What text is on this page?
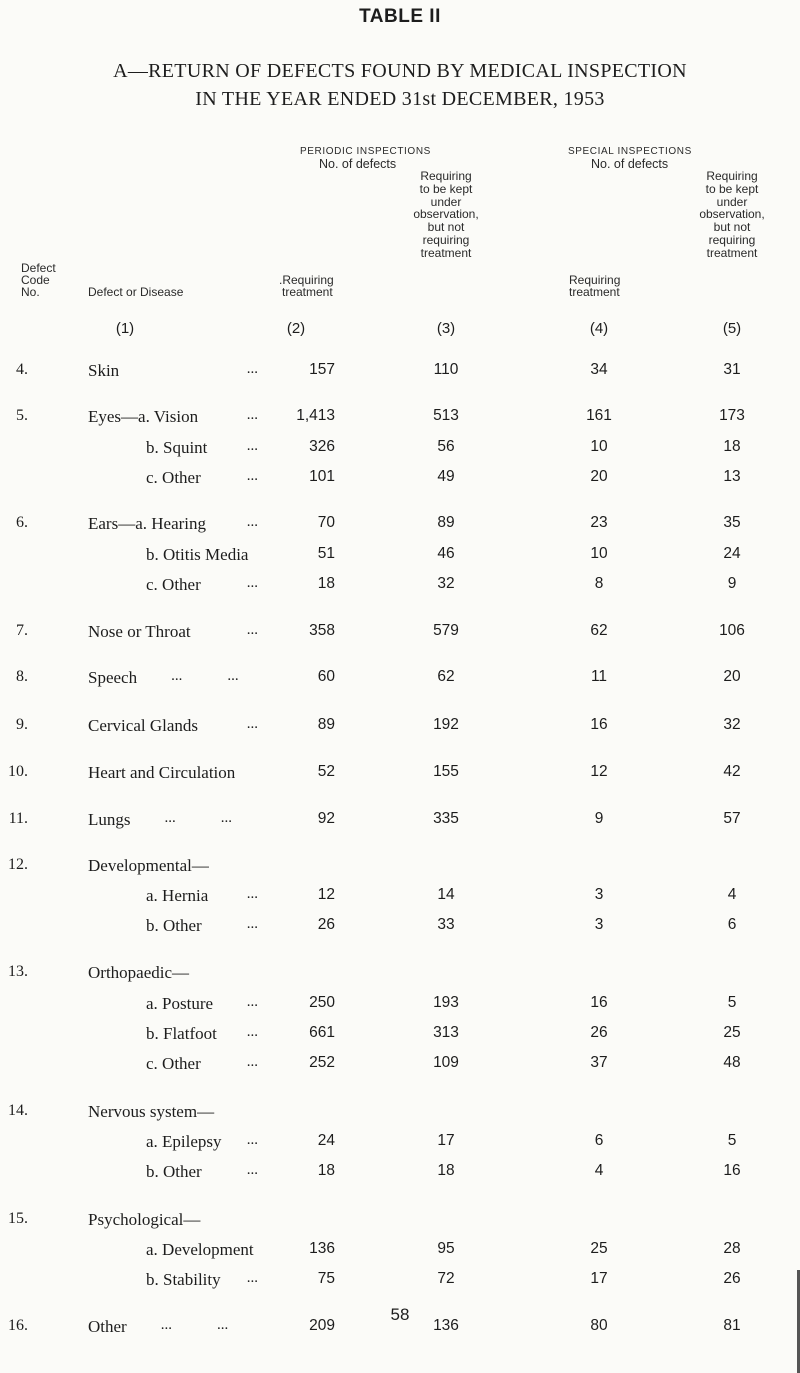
TABLE II
A—RETURN OF DEFECTS FOUND BY MEDICAL INSPECTION
IN THE YEAR ENDED 31st DECEMBER, 1953
PERIODIC INSPECTIONS
No. of defects
SPECIAL INSPECTIONS
No. of defects
Defect
Code
No.	Defect or Disease
.Requiring
treatment
Requiring
to be kept
under
observation,
but not
requiring
treatment
Requiring
treatment
Requiring
to be kept
under
observation,
but not
requiring
treatment
(1)	(2)	(3)	(4)	(5)
4.	Skin	...	157	110	34	31
5.	Eyes—a. Vision	...	1,413	513	161	173
b. Squint	...	326	56	10	18
c. Other	...	101	49	20	13
6.	Ears—a. Hearing	...	70	89	23	35
b. Otitis Media	51	46	10	24
c. Other	...	18	32	8	9
7.	Nose or Throat	...	358	579	62	106
8.	Speech ...            ...	60	62	11	20
9.	Cervical Glands	...	89	192	16	32
10.	Heart and Circulation	52	155	12	42
11.	Lungs ...            ...	92	335	9	57
12.	Developmental—
a. Hernia	...	12	14	3	4
b. Other	...	26	33	3	6
13.	Orthopaedic—
a. Posture ...	250	193	16	5
b. Flatfoot ...	661	313	26	25
c. Other	...	252	109	37	48
14.	Nervous system—
a. Epilepsy ...	24	17	6	5
b. Other	...	18	18	4	16
15.	Psychological—
a. Development	136	95	25	28
b. Stability ...	75	72	17	26
16.	Other ...            ...	209	136	80	81
58
